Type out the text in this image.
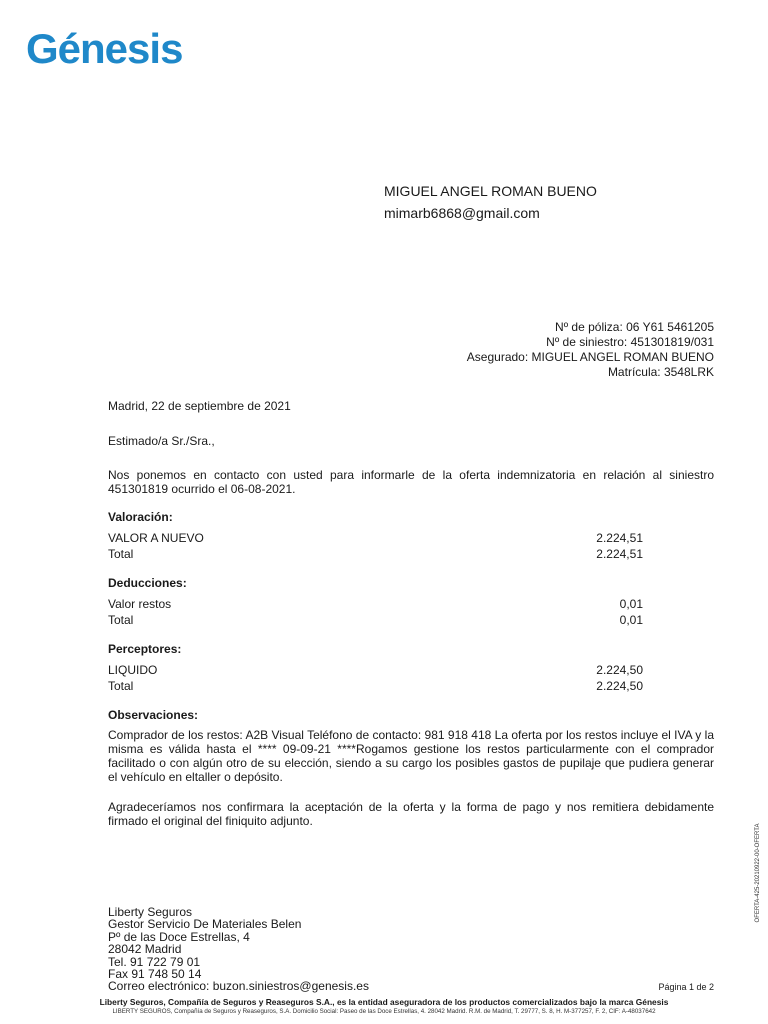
Génesis
MIGUEL ANGEL ROMAN BUENO
mimarb6868@gmail.com
Nº de póliza: 06 Y61 5461205
Nº de siniestro: 451301819/031
Asegurado: MIGUEL ANGEL ROMAN BUENO
Matrícula: 3548LRK

Madrid, 22 de septiembre de 2021

Estimado/a Sr./Sra.,

Nos ponemos en contacto con usted para informarle de la oferta indemnizatoria en relación al siniestro 451301819 ocurrido el 06-08-2021.

Valoración:
VALOR A NUEVO	2.224,51
Total	2.224,51
Deducciones:
Valor restos	0,01
Total	0,01
Perceptores:
LIQUIDO	2.224,50
Total	2.224,50
Observaciones:

Comprador de los restos: A2B Visual Teléfono de contacto: 981 918 418 La oferta por los restos incluye el IVA y la misma es válida hasta el **** 09-09-21 ****Rogamos gestione los restos particularmente con el comprador facilitado o con algún otro de su elección, siendo a su cargo los posibles gastos de pupilaje que pudiera generar el vehículo en eltaller o depósito.

Agradeceríamos nos confirmara la aceptación de la oferta y la forma de pago y nos remitiera debidamente firmado el original del finiquito adjunto.

Liberty Seguros
Gestor Servicio De Materiales Belen
Pº de las Doce Estrellas, 4
28042 Madrid
Tel. 91 722 79 01
Fax 91 748 50 14
Correo electrónico: buzon.siniestros@genesis.es	Página 1 de 2
Liberty Seguros, Compañía de Seguros y Reaseguros S.A., es la entidad aseguradora de los productos comercializados bajo la marca Génesis
LIBERTY SEGUROS, Compañía de Seguros y Reaseguros, S.A. Domicilio Social: Paseo de las Doce Estrellas, 4. 28042 Madrid. R.M. de Madrid, T. 29777, S. 8, H. M-377257, F. 2, CIF: A-48037642
OFERTA-425-20210922-00-OFERTA
